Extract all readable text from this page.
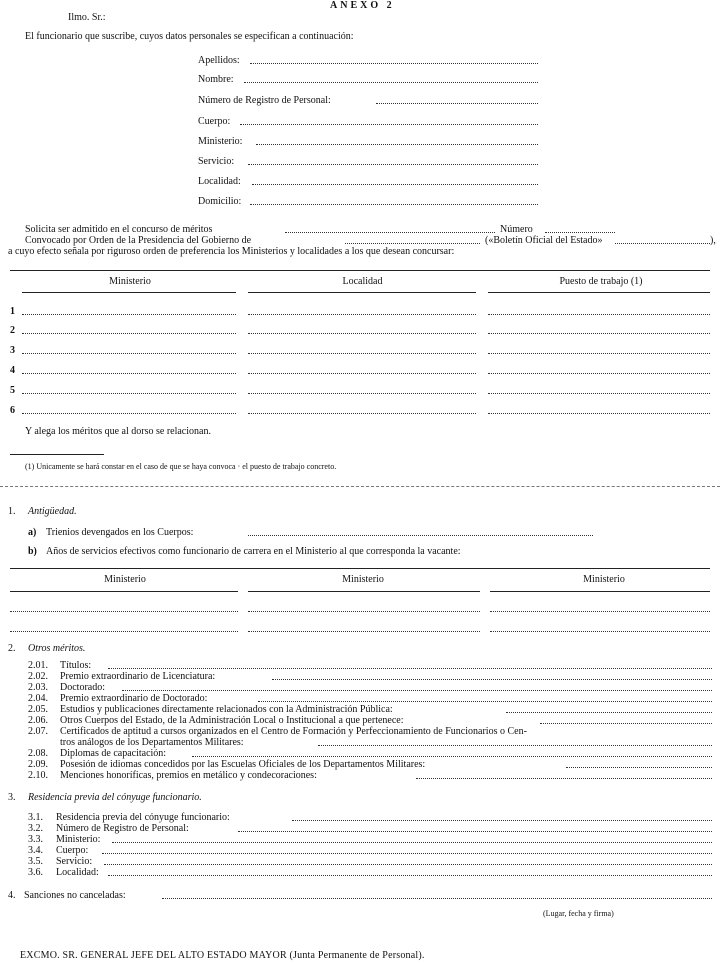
ANEXO 2
Ilmo. Sr.:
El funcionario que suscribe, cuyos datos personales se especifican a continuación:
Apellidos:
Nombre:
Número de Registro de Personal:
Cuerpo:
Ministerio:
Servicio:
Localidad:
Domicilio:
Solicita ser admitido en el concurso de méritos	Número
Convocado por Orden de la Presidencia del Gobierno de	(«Boletín Oficial del Estado»	),
a cuyo efecto señala por riguroso orden de preferencia los Ministerios y localidades a los que desean concursar:
Ministerio	Localidad	Puesto de trabajo (1)
1
2
3
4
5
6
Y alega los méritos que al dorso se relacionan.
(1) Unicamente se hará constar en el caso de que se haya convoca · el puesto de trabajo concreto.
1. Antigüedad.
a) Trienios devengados en los Cuerpos:
b) Años de servicios efectivos como funcionario de carrera en el Ministerio al que corresponda la vacante:
Ministerio	Ministerio	Ministerio
2. Otros méritos.
2.01. Títulos:
2.02. Premio extraordinario de Licenciatura:
2.03. Doctorado:
2.04. Premio extraordinario de Doctorado:
2.05. Estudios y publicaciones directamente relacionados con la Administración Pública:
2.06. Otros Cuerpos del Estado, de la Administración Local o Institucional a que pertenece:
2.07. Certificados de aptitud a cursos organizados en el Centro de Formación y Perfeccionamiento de Funcionarios o Cen-
tros análogos de los Departamentos Militares:
2.08. Diplomas de capacitación:
2.09. Posesión de idiomas concedidos por las Escuelas Oficiales de los Departamentos Militares:
2.10. Menciones honoríficas, premios en metálico y condecoraciones:
3. Residencia previa del cónyuge funcionario.
3.1. Residencia previa del cónyuge funcionario:
3.2. Número de Registro de Personal:
3.3. Ministerio:
3.4. Cuerpo:
3.5. Servicio:
3.6. Localidad:
4. Sanciones no canceladas:
(Lugar, fecha y firma)
EXCMO. SR. GENERAL JEFE DEL ALTO ESTADO MAYOR (Junta Permanente de Personal).
